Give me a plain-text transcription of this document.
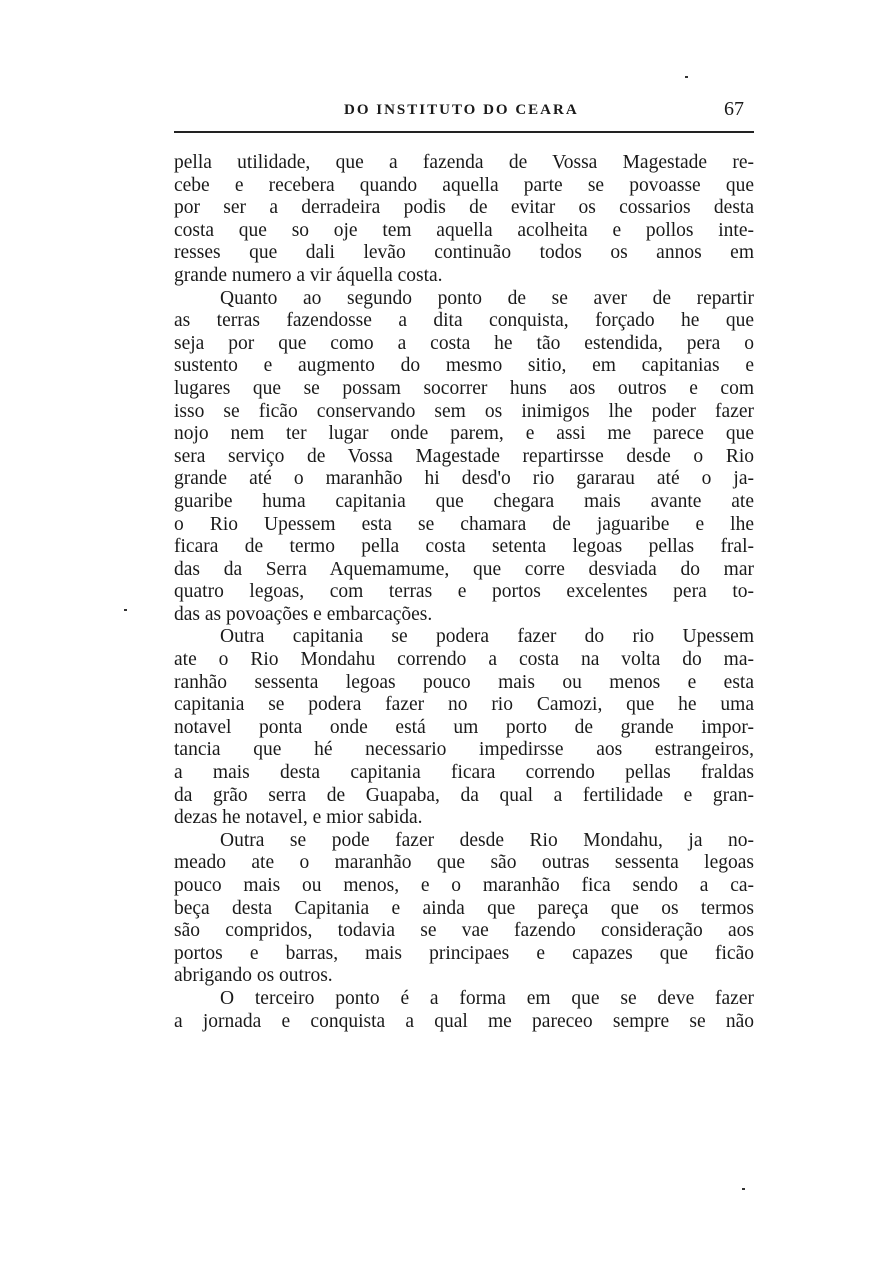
DO INSTITUTO DO CEARA	67
pella utilidade, que a fazenda de Vossa Magestade re-
cebe e recebera quando aquella parte se povoasse que
por ser a derradeira podis de evitar os cossarios desta
costa que so oje tem aquella acolheita e pollos inte-
resses que dali levão continuão todos os annos em
grande numero a vir áquella costa.
Quanto ao segundo ponto de se aver de repartir
as terras fazendosse a dita conquista, forçado he que
seja por que como a costa he tão estendida, pera o
sustento e augmento do mesmo sitio, em capitanias e
lugares que se possam socorrer huns aos outros e com
isso se ficão conservando sem os inimigos lhe poder fazer
nojo nem ter lugar onde parem, e assi me parece que
sera serviço de Vossa Magestade repartirsse desde o Rio
grande até o maranhão hi desd'o rio gararau até o ja-
guaribe huma capitania que chegara mais avante ate
o Rio Upessem esta se chamara de jaguaribe e lhe
ficara de termo pella costa setenta legoas pellas fral-
das da Serra Aquemamume, que corre desviada do mar
quatro legoas, com terras e portos excelentes pera to-
das as povoações e embarcações.
Outra capitania se podera fazer do rio Upessem
ate o Rio Mondahu correndo a costa na volta do ma-
ranhão sessenta legoas pouco mais ou menos e esta
capitania se podera fazer no rio Camozi, que he uma
notavel ponta onde está um porto de grande impor-
tancia que hé necessario impedirsse aos estrangeiros,
a mais desta capitania ficara correndo pellas fraldas
da grão serra de Guapaba, da qual a fertilidade e gran-
dezas he notavel, e mior sabida.
Outra se pode fazer desde Rio Mondahu, ja no-
meado ate o maranhão que são outras sessenta legoas
pouco mais ou menos, e o maranhão fica sendo a ca-
beça desta Capitania e ainda que pareça que os termos
são compridos, todavia se vae fazendo consideração aos
portos e barras, mais principaes e capazes que ficão
abrigando os outros.
O terceiro ponto é a forma em que se deve fazer
a jornada e conquista a qual me pareceo sempre se não
